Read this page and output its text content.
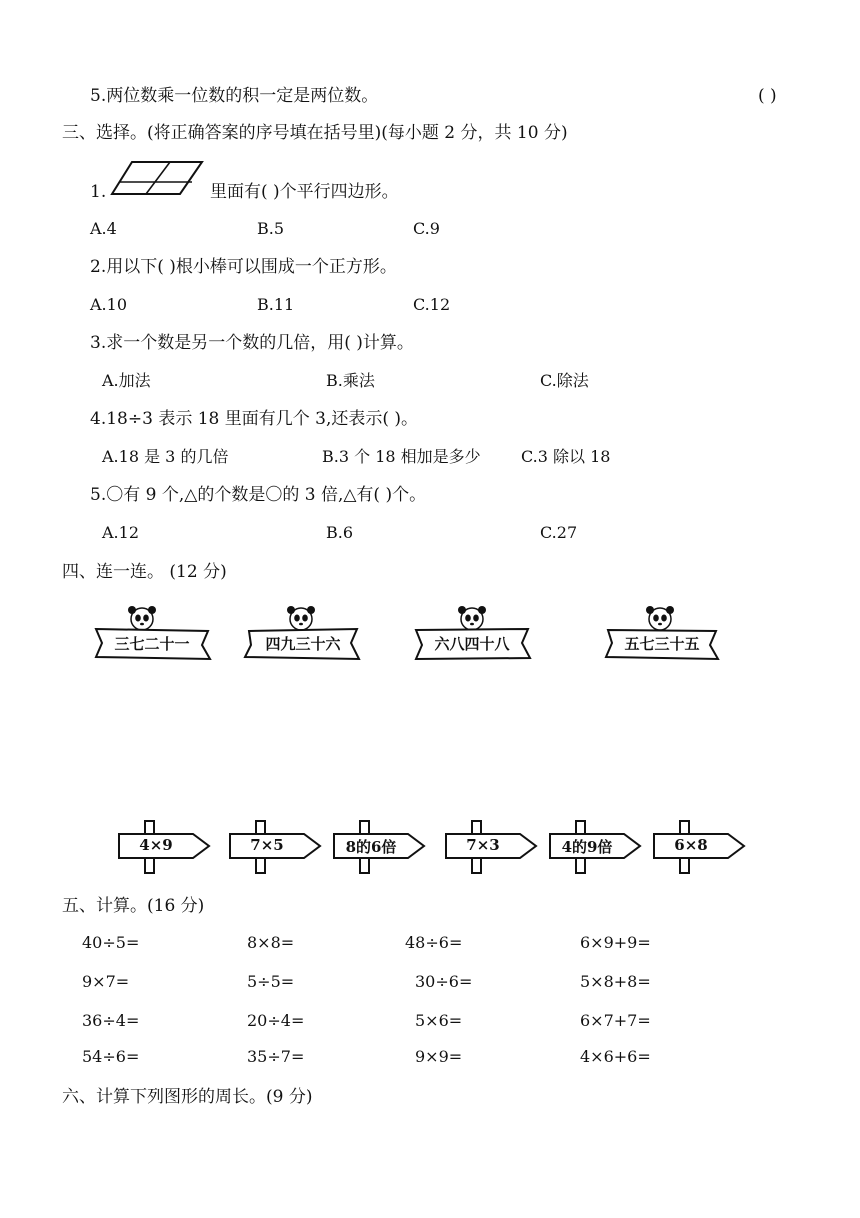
5.两位数乘一位数的积一定是两位数。	( )
三、选择。(将正确答案的序号填在括号里)(每小题 2 分，共 10 分)
1.	里面有( )个平行四边形。
A.4	B.5	C.9
2.用以下( )根小棒可以围成一个正方形。
A.10	B.11	C.12
3.求一个数是另一个数的几倍，用( )计算。
A.加法	B.乘法	C.除法
4.18÷3 表示 18 里面有几个 3,还表示( )。
A.18 是 3 的几倍	B.3 个 18 相加是多少	C.3 除以 18
5.〇有 9 个,△的个数是〇的 3 倍,△有( )个。
A.12	B.6	C.27
四、连一连。 (12 分)
三七二十一	四九三十六	六八四十八	五七三十五
4×9	7×5	8的6倍	7×3	4的9倍	6×8
五、计算。(16 分)
40÷5=	8×8=	48÷6=	6×9+9=
9×7=	5÷5=	30÷6=	5×8+8=
36÷4=	20÷4=	5×6=	6×7+7=
54÷6=	35÷7=	9×9=	4×6+6=
六、计算下列图形的周长。(9 分)
